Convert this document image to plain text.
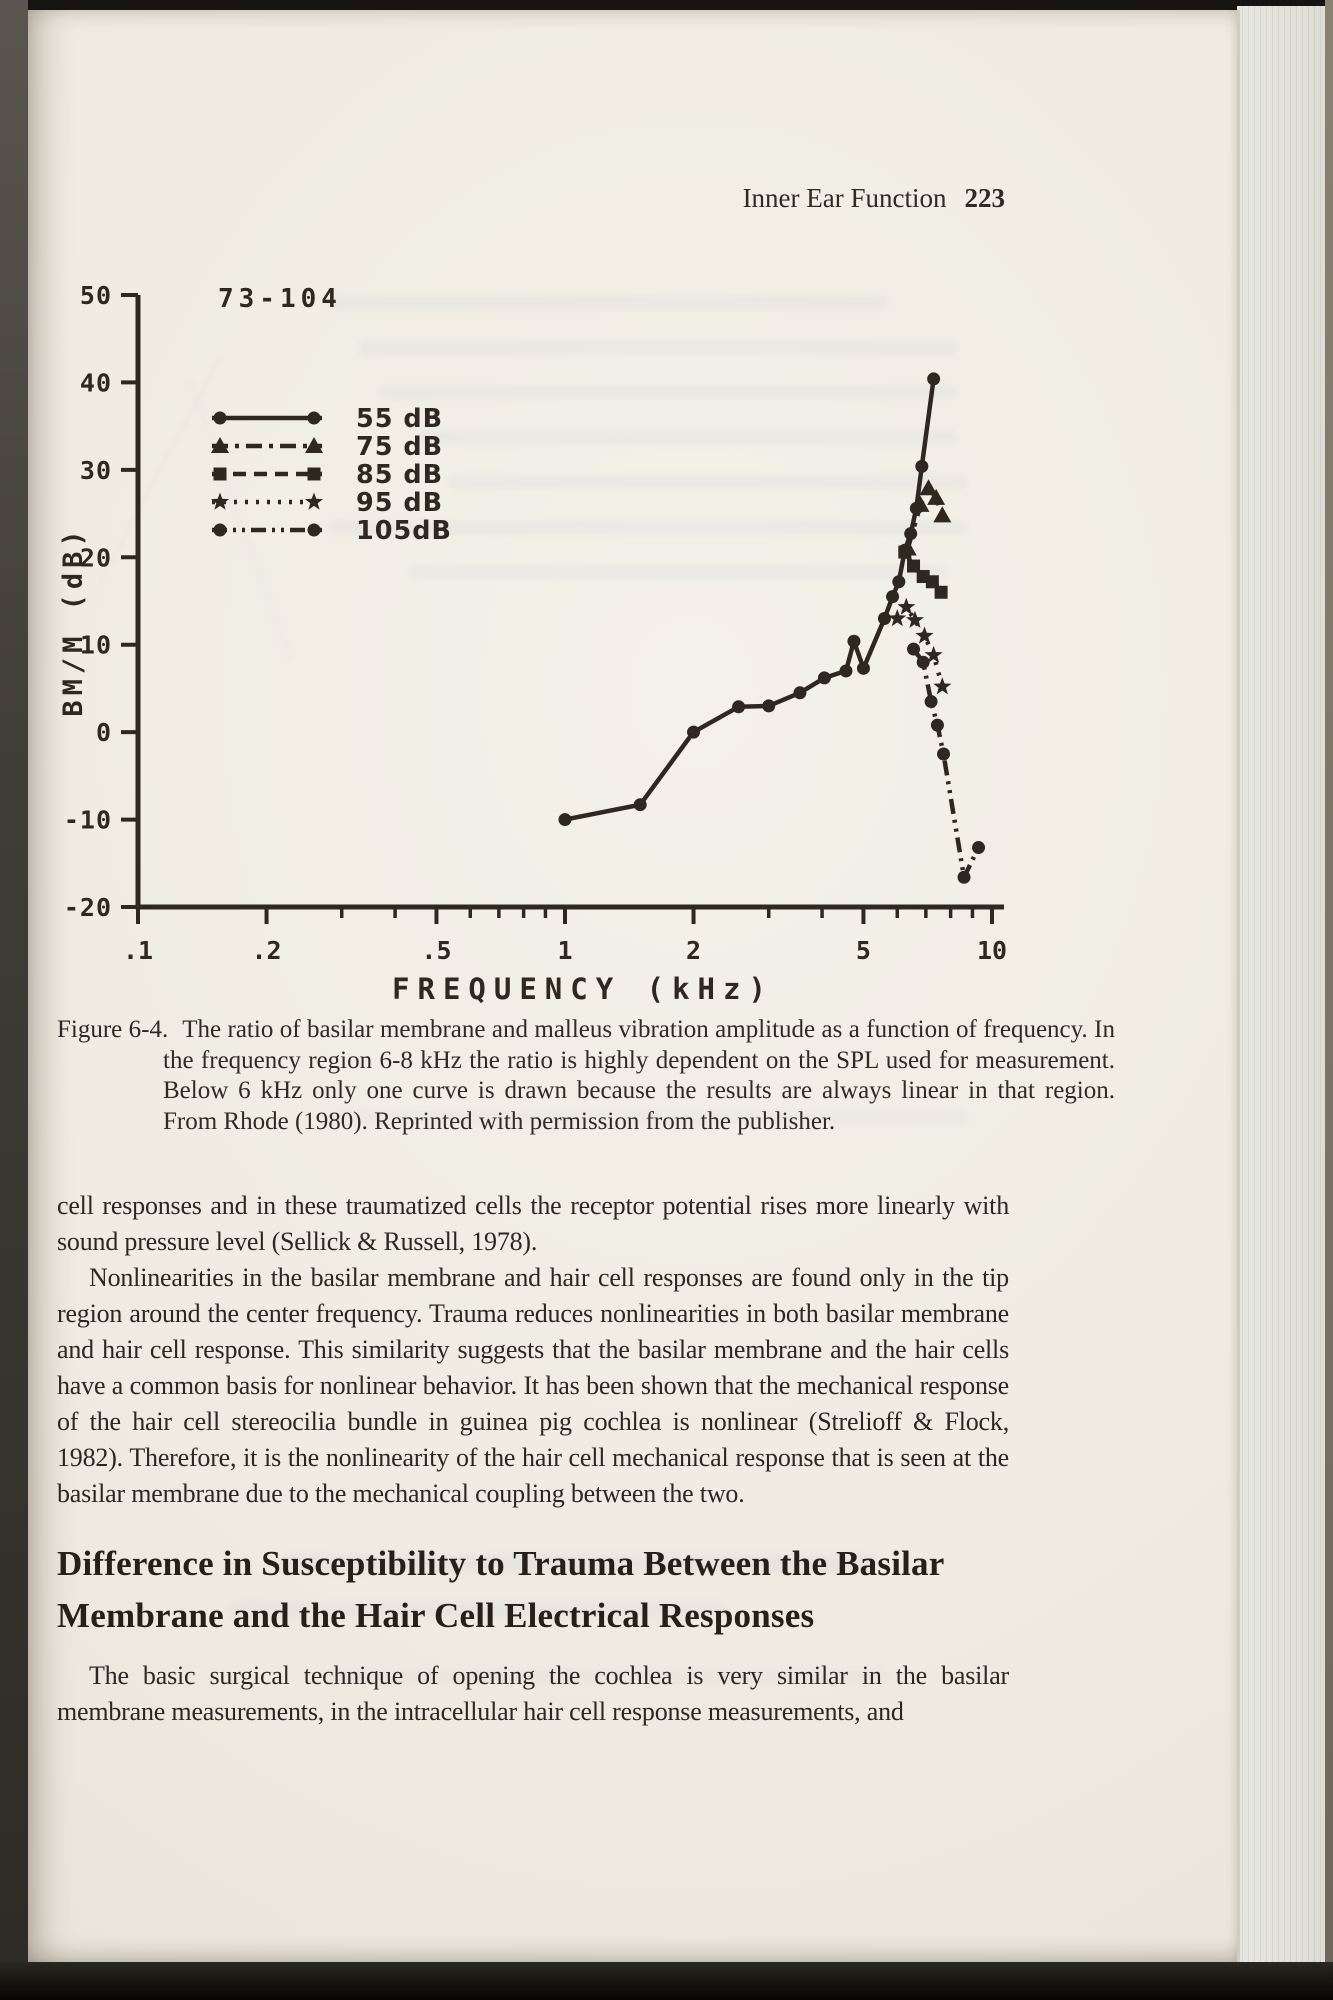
Inner Ear Function 223
73-104
50
40
30
20
10
0
-10
-20
.1	.2	.5	1	2	5	10
FREQUENCY (kHz)
BM/M (dB)
55 dB
75 dB
85 dB
95 dB
105dB

Figure 6-4. The ratio of basilar membrane and malleus vibration amplitude as a function of frequency. In the frequency region 6-8 kHz the ratio is highly dependent on the SPL used for measurement. Below 6 kHz only one curve is drawn because the results are always linear in that region. From Rhode (1980). Reprinted with permission from the publisher.

cell responses and in these traumatized cells the receptor potential rises more linearly with sound pressure level (Sellick & Russell, 1978).

Nonlinearities in the basilar membrane and hair cell responses are found only in the tip region around the center frequency. Trauma reduces nonlinearities in both basilar membrane and hair cell response. This similarity suggests that the basilar membrane and the hair cells have a common basis for nonlinear behavior. It has been shown that the mechanical response of the hair cell stereocilia bundle in guinea pig cochlea is nonlinear (Strelioff & Flock, 1982). Therefore, it is the nonlinearity of the hair cell mechanical response that is seen at the basilar membrane due to the mechanical coupling between the two.

Difference in Susceptibility to Trauma Between the Basilar Membrane and the Hair Cell Electrical Responses

The basic surgical technique of opening the cochlea is very similar in the basilar membrane measurements, in the intracellular hair cell response measurements, and
